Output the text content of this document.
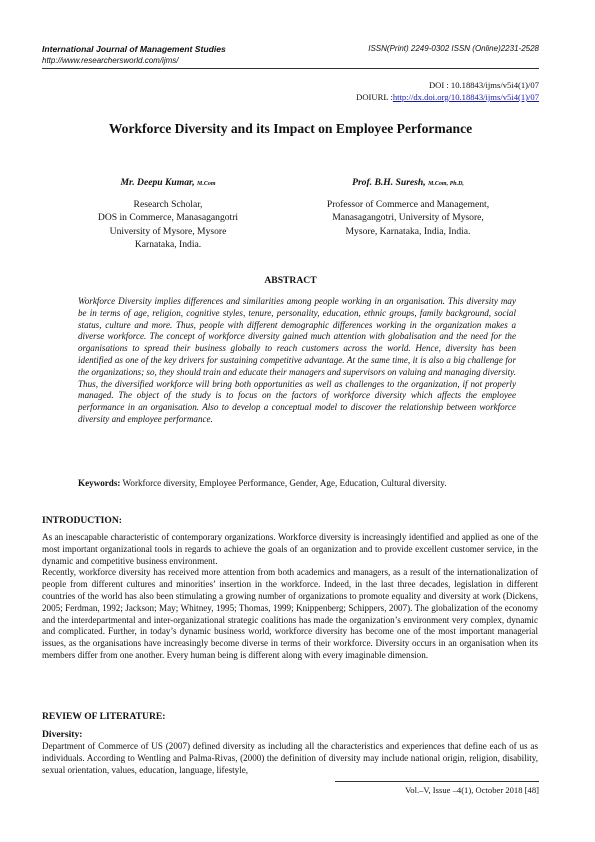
International Journal of Management Studies
http://www.researchersworld.com/ijms/
ISSN(Print) 2249-0302 ISSN (Online)2231-2528
DOI : 10.18843/ijms/v5i4(1)/07
DOIURL :http://dx.doi.org/10.18843/ijms/v5i4(1)/07
Workforce Diversity and its Impact on Employee Performance
Mr. Deepu Kumar, M.Com
Research Scholar,
DOS in Commerce, Manasagangotri
University of Mysore, Mysore
Karnataka, India.
Prof. B.H. Suresh, M.Com, Ph.D,
Professor of Commerce and Management,
Manasagangotri, University of Mysore,
Mysore, Karnataka, India, India.
ABSTRACT
Workforce Diversity implies differences and similarities among people working in an organisation. This diversity may be in terms of age, religion, cognitive styles, tenure, personality, education, ethnic groups, family background, social status, culture and more. Thus, people with different demographic differences working in the organization makes a diverse workforce. The concept of workforce diversity gained much attention with globalisation and the need for the organisations to spread their business globally to reach customers across the world. Hence, diversity has been identified as one of the key drivers for sustaining competitive advantage. At the same time, it is also a big challenge for the organizations; so, they should train and educate their managers and supervisors on valuing and managing diversity. Thus, the diversified workforce will bring both opportunities as well as challenges to the organization, if not properly managed. The object of the study is to focus on the factors of workforce diversity which affects the employee performance in an organisation. Also to develop a conceptual model to discover the relationship between workforce diversity and employee performance.
Keywords: Workforce diversity, Employee Performance, Gender, Age, Education, Cultural diversity.
INTRODUCTION:

As an inescapable characteristic of contemporary organizations. Workforce diversity is increasingly identified and applied as one of the most important organizational tools in regards to achieve the goals of an organization and to provide excellent customer service, in the dynamic and competitive business environment.

Recently, workforce diversity has received more attention from both academics and managers, as a result of the internationalization of people from different cultures and minorities’ insertion in the workforce. Indeed, in the last three decades, legislation in different countries of the world has also been stimulating a growing number of organizations to promote equality and diversity at work (Dickens, 2005; Ferdman, 1992; Jackson; May; Whitney, 1995; Thomas, 1999; Knippenberg; Schippers, 2007). The globalization of the economy and the interdepartmental and inter-organizational strategic coalitions has made the organization’s environment very complex, dynamic and complicated. Further, in today’s dynamic business world, workforce diversity has become one of the most important managerial issues, as the organisations have increasingly become diverse in terms of their workforce. Diversity occurs in an organisation when its members differ from one another. Every human being is different along with every imaginable dimension.

REVIEW OF LITERATURE:
Diversity:
Department of Commerce of US (2007) defined diversity as including all the characteristics and experiences that define each of us as individuals. According to Wentling and Palma-Rivas, (2000) the definition of diversity may include national origin, religion, disability, sexual orientation, values, education, language, lifestyle,
Vol.–V, Issue –4(1), October 2018 [48]
